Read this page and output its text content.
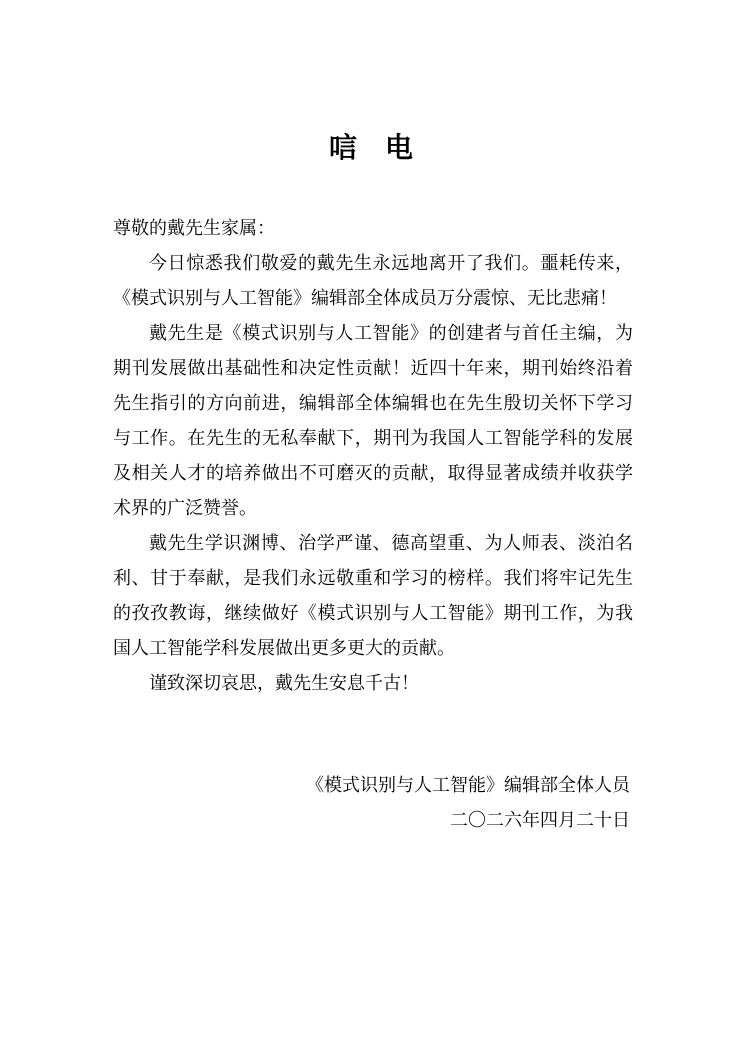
唁 电

尊敬的戴先生家属：

今日惊悉我们敬爱的戴先生永远地离开了我们。噩耗传来，《模式识别与人工智能》编辑部全体成员万分震惊、无比悲痛！

戴先生是《模式识别与人工智能》的创建者与首任主编，为期刊发展做出基础性和决定性贡献！近四十年来，期刊始终沿着先生指引的方向前进，编辑部全体编辑也在先生殷切关怀下学习与工作。在先生的无私奉献下，期刊为我国人工智能学科的发展及相关人才的培养做出不可磨灭的贡献，取得显著成绩并收获学术界的广泛赞誉。

戴先生学识渊博、治学严谨、德高望重、为人师表、淡泊名利、甘于奉献，是我们永远敬重和学习的榜样。我们将牢记先生的孜孜教诲，继续做好《模式识别与人工智能》期刊工作，为我国人工智能学科发展做出更多更大的贡献。

谨致深切哀思，戴先生安息千古！

《模式识别与人工智能》编辑部全体人员
二〇二六年四月二十日
